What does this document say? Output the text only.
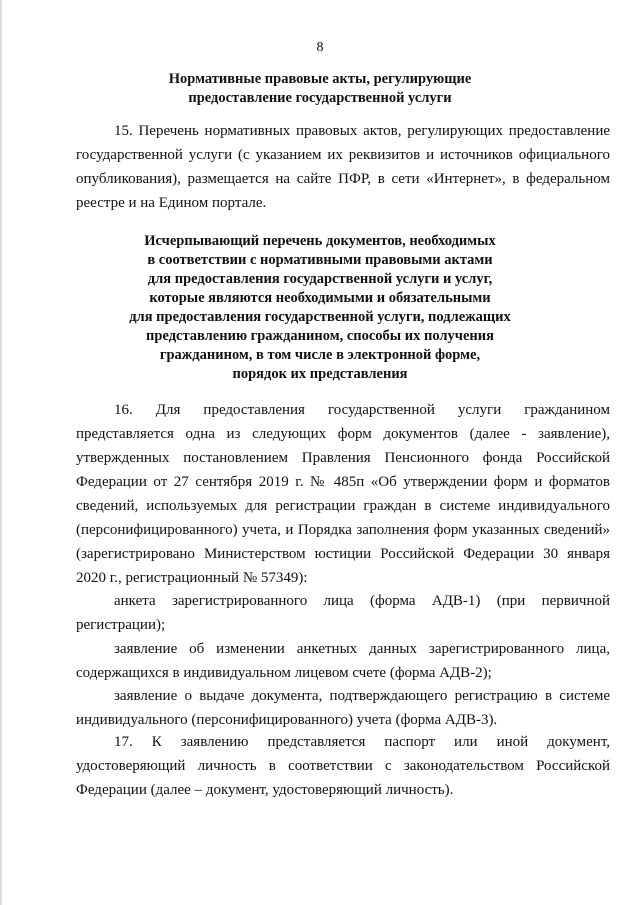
8
Нормативные правовые акты, регулирующие
предоставление государственной услуги
15. Перечень нормативных правовых актов, регулирующих предоставление
государственной услуги (с указанием их реквизитов и источников официального
опубликования), размещается на сайте ПФР, в сети «Интернет», в федеральном
реестре и на Едином портале.
Исчерпывающий перечень документов, необходимых
в соответствии с нормативными правовыми актами
для предоставления государственной услуги и услуг,
которые являются необходимыми и обязательными
для предоставления государственной услуги, подлежащих
представлению гражданином, способы их получения
гражданином, в том числе в электронной форме,
порядок их представления
16. Для предоставления государственной услуги гражданином
представляется одна из следующих форм документов (далее - заявление),
утвержденных постановлением Правления Пенсионного фонда Российской
Федерации от 27 сентября 2019 г. № 485п «Об утверждении форм и форматов
сведений, используемых для регистрации граждан в системе индивидуального
(персонифицированного) учета, и Порядка заполнения форм указанных сведений»
(зарегистрировано Министерством юстиции Российской Федерации 30 января
2020 г., регистрационный № 57349):
анкета зарегистрированного лица (форма АДВ-1) (при первичной
регистрации);
заявление об изменении анкетных данных зарегистрированного лица,
содержащихся в индивидуальном лицевом счете (форма АДВ-2);
заявление о выдаче документа, подтверждающего регистрацию в системе
индивидуального (персонифицированного) учета (форма АДВ-3).
17. К заявлению представляется паспорт или иной документ,
удостоверяющий личность в соответствии с законодательством Российской
Федерации (далее – документ, удостоверяющий личность).
